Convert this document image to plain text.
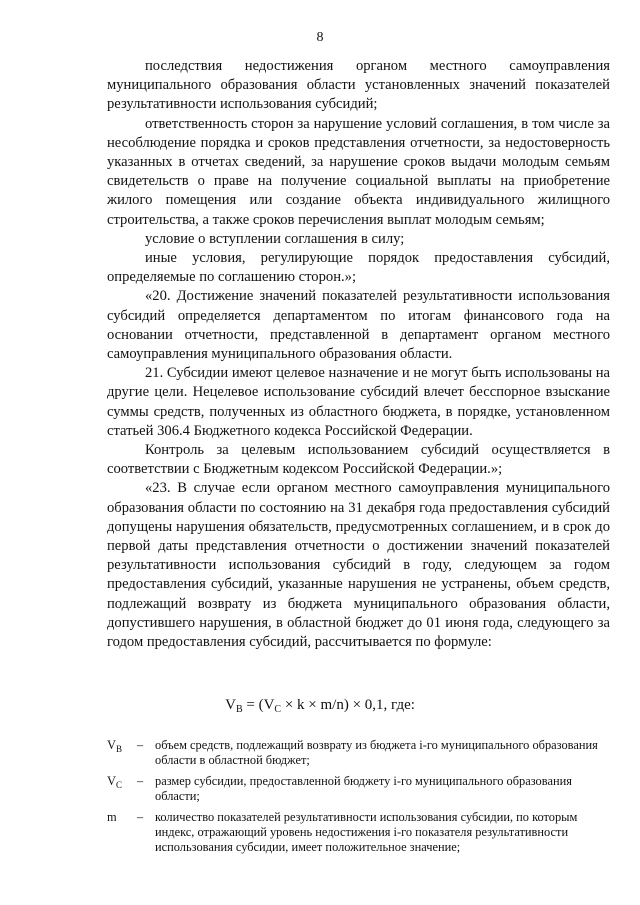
8

последствия недостижения органом местного самоуправления муниципального образования области установленных значений показателей результативности использования субсидий;

ответственность сторон за нарушение условий соглашения, в том числе за несоблюдение порядка и сроков представления отчетности, за недостоверность указанных в отчетах сведений, за нарушение сроков выдачи молодым семьям свидетельств о праве на получение социальной выплаты на приобретение жилого помещения или создание объекта индивидуального жилищного строительства, а также сроков перечисления выплат молодым семьям;

условие о вступлении соглашения в силу;

иные условия, регулирующие порядок предоставления субсидий, определяемые по соглашению сторон.»;

«20. Достижение значений показателей результативности использования субсидий определяется департаментом по итогам финансового года на основании отчетности, представленной в департамент органом местного самоуправления муниципального образования области.

21. Субсидии имеют целевое назначение и не могут быть использованы на другие цели. Нецелевое использование субсидий влечет бесспорное взыскание суммы средств, полученных из областного бюджета, в порядке, установленном статьей 306.4 Бюджетного кодекса Российской Федерации.

Контроль за целевым использованием субсидий осуществляется в соответствии с Бюджетным кодексом Российской Федерации.»;

«23. В случае если органом местного самоуправления муниципального образования области по состоянию на 31 декабря года предоставления субсидий допущены нарушения обязательств, предусмотренных соглашением, и в срок до первой даты представления отчетности о достижении значений показателей результативности использования субсидий в году, следующем за годом предоставления субсидий, указанные нарушения не устранены, объем средств, подлежащий возврату из бюджета муниципального образования области, допустившего нарушения, в областной бюджет до 01 июня года, следующего за годом предоставления субсидий, рассчитывается по формуле:

$V_B = (V_C \times k \times m/n) \times 0,1$, где:
$V_B$	– объем средств, подлежащий возврату из бюджета i-го муниципального образования области в областной бюджет;
$V_C$	– размер субсидии, предоставленной бюджету i-го муниципального образования области;
m	– количество показателей результативности использования субсидии, по которым индекс, отражающий уровень недостижения i-го показателя результативности использования субсидии, имеет положительное значение;
